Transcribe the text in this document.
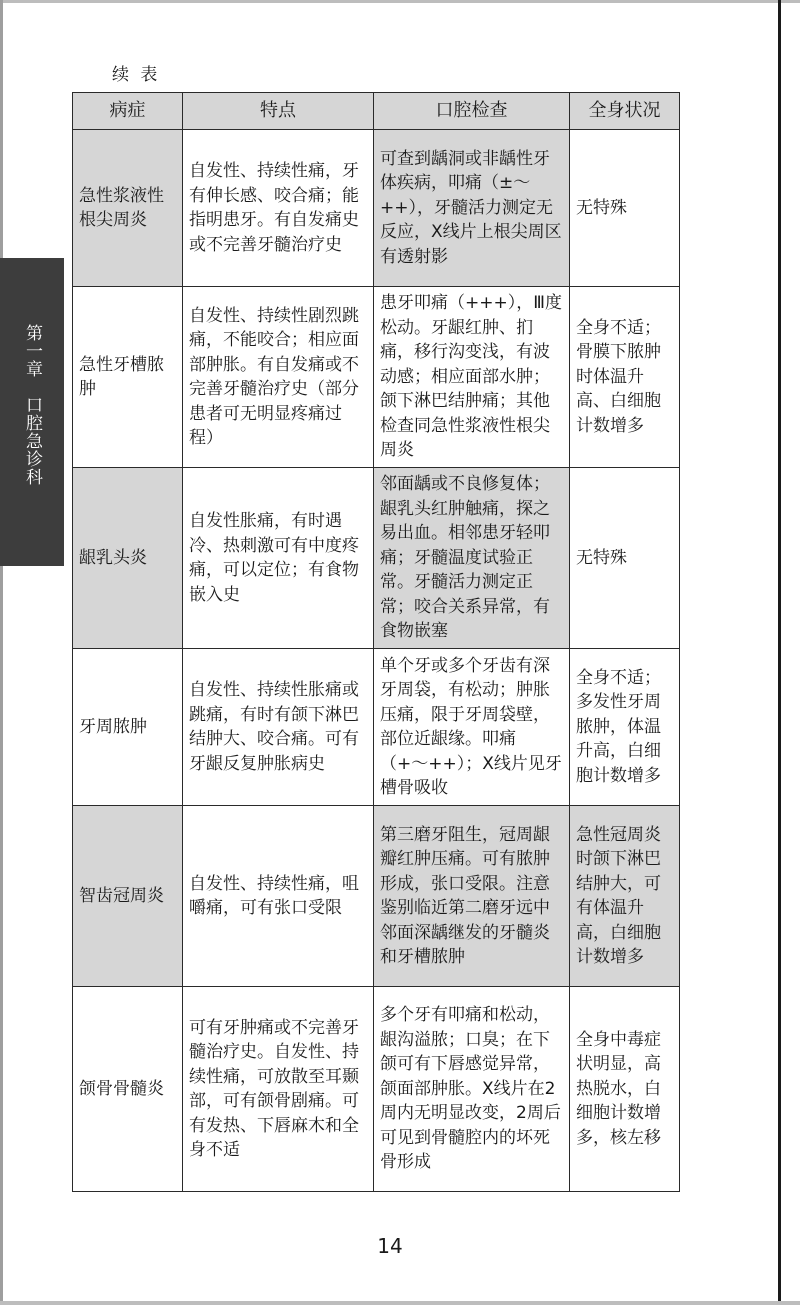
第一章　口腔急诊科
续 表
病症	特点	口腔检查	全身状况
急性浆液性根尖周炎	自发性、持续性痛，牙有伸长感、咬合痛；能指明患牙。有自发痛史或不完善牙髓治疗史	可查到龋洞或非龋性牙体疾病，叩痛（±～++），牙髓活力测定无反应，X线片上根尖周区有透射影	无特殊
急性牙槽脓肿	自发性、持续性剧烈跳痛，不能咬合；相应面部肿胀。有自发痛或不完善牙髓治疗史（部分患者可无明显疼痛过程）	患牙叩痛（+++），Ⅲ度松动。牙龈红肿、扪痛，移行沟变浅，有波动感；相应面部水肿；颌下淋巴结肿痛；其他检查同急性浆液性根尖周炎	全身不适；骨膜下脓肿时体温升高、白细胞计数增多
龈乳头炎	自发性胀痛，有时遇冷、热刺激可有中度疼痛，可以定位；有食物嵌入史	邻面龋或不良修复体；龈乳头红肿触痛，探之易出血。相邻患牙轻叩痛；牙髓温度试验正常。牙髓活力测定正常；咬合关系异常，有食物嵌塞	无特殊
牙周脓肿	自发性、持续性胀痛或跳痛，有时有颌下淋巴结肿大、咬合痛。可有牙龈反复肿胀病史	单个牙或多个牙齿有深牙周袋，有松动；肿胀压痛，限于牙周袋壁，部位近龈缘。叩痛（+～++）；X线片见牙槽骨吸收	全身不适；多发性牙周脓肿，体温升高，白细胞计数增多
智齿冠周炎	自发性、持续性痛，咀嚼痛，可有张口受限	第三磨牙阻生，冠周龈瓣红肿压痛。可有脓肿形成，张口受限。注意鉴别临近第二磨牙远中邻面深龋继发的牙髓炎和牙槽脓肿	急性冠周炎时颌下淋巴结肿大，可有体温升高，白细胞计数增多
颌骨骨髓炎	可有牙肿痛或不完善牙髓治疗史。自发性、持续性痛，可放散至耳颞部，可有颌骨剧痛。可有发热、下唇麻木和全身不适	多个牙有叩痛和松动，龈沟溢脓；口臭；在下颌可有下唇感觉异常，颌面部肿胀。X线片在2周内无明显改变，2周后可见到骨髓腔内的坏死骨形成	全身中毒症状明显，高热脱水，白细胞计数增多，核左移
14
